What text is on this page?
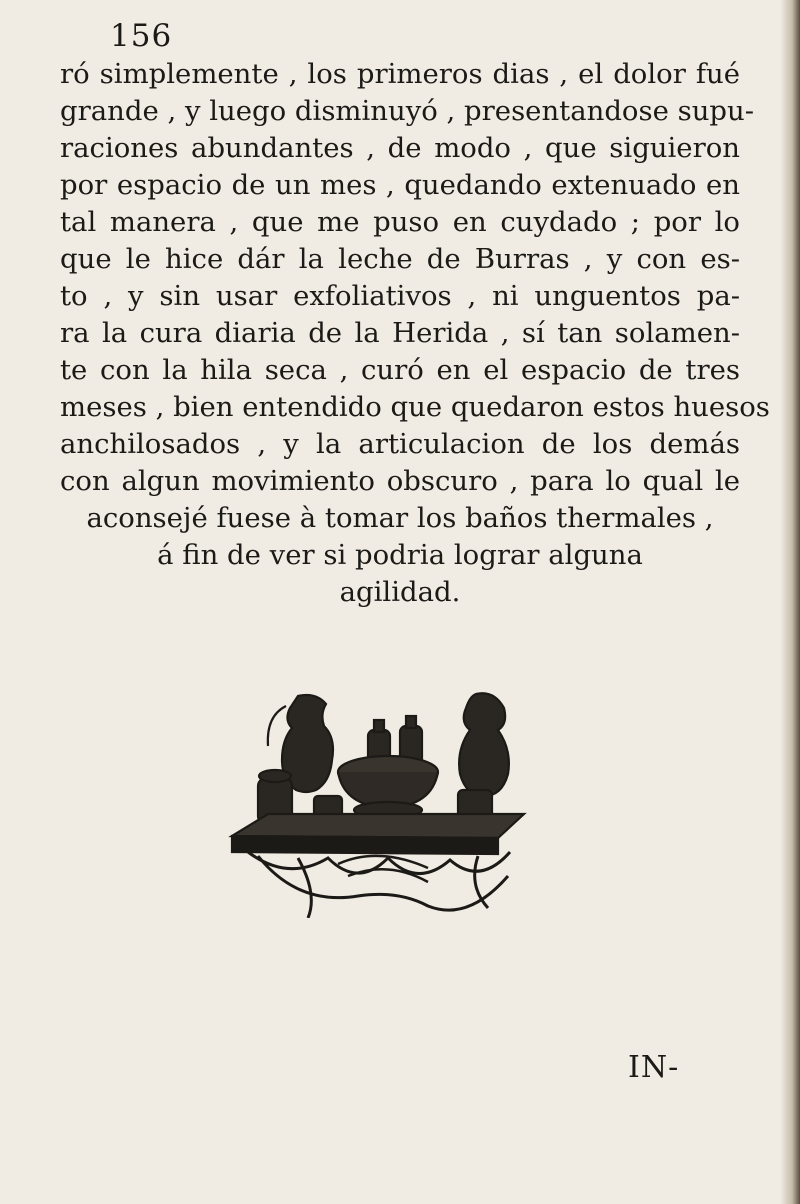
156
ró simplemente , los primeros dias , el dolor fué
grande , y luego disminuyó , presentandose supu-
raciones abundantes , de modo , que siguieron
por espacio de un mes , quedando extenuado en
tal manera , que me puso en cuydado ; por lo
que le hice dár la leche de Burras , y con es-
to , y sin usar exfoliativos , ni unguentos pa-
ra la cura diaria de la Herida , sí tan solamen-
te con la hila seca , curó en el espacio de tres
meses , bien entendido que quedaron estos huesos
anchilosados , y la articulacion de los demás
con algun movimiento obscuro , para lo qual le
aconsejé fuese à tomar los baños thermales ,
á fin de ver si podria lograr alguna
agilidad.
IN-
